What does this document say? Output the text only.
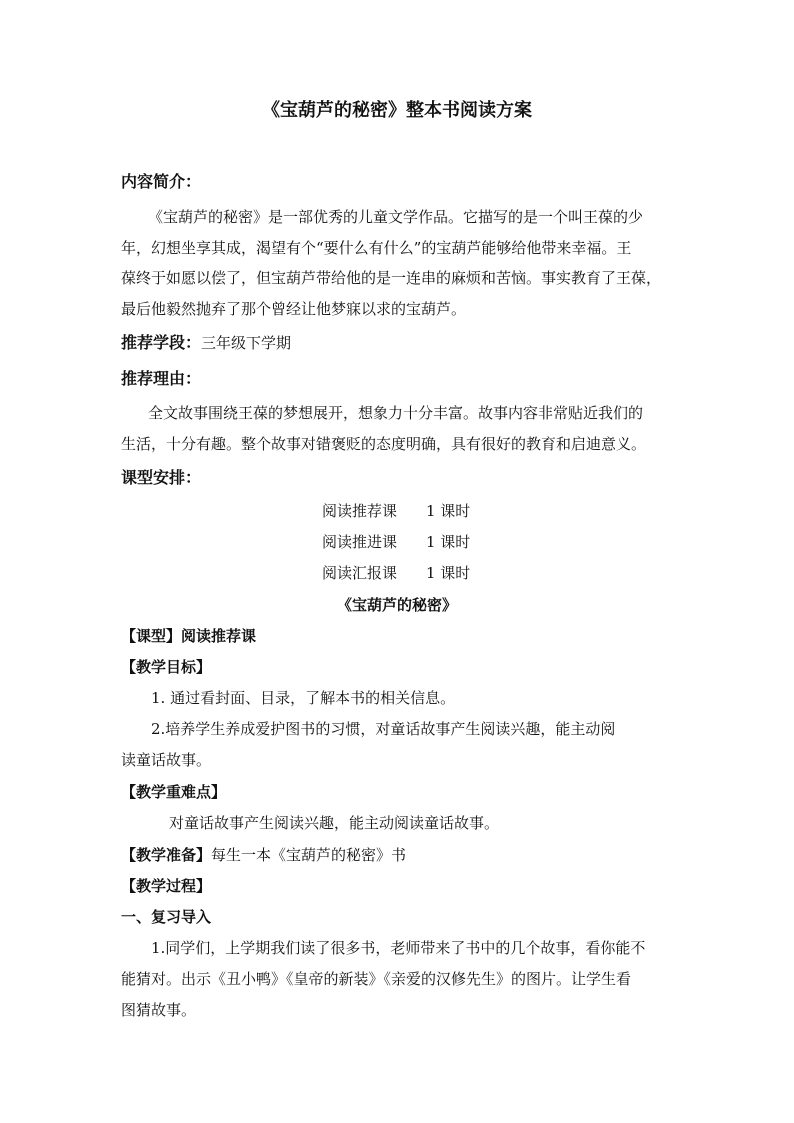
《宝葫芦的秘密》整本书阅读方案
内容简介：
《宝葫芦的秘密》是一部优秀的儿童文学作品。它描写的是一个叫王葆的少
年，幻想坐享其成，渴望有个“要什么有什么”的宝葫芦能够给他带来幸福。王
葆终于如愿以偿了，但宝葫芦带给他的是一连串的麻烦和苦恼。事实教育了王葆，
最后他毅然抛弃了那个曾经让他梦寐以求的宝葫芦。
推荐学段：三年级下学期
推荐理由：
全文故事围绕王葆的梦想展开，想象力十分丰富。故事内容非常贴近我们的
生活，十分有趣。整个故事对错褒贬的态度明确，具有很好的教育和启迪意义。
课型安排：
阅读推荐课 1 课时
阅读推进课 1 课时
阅读汇报课 1 课时
《宝葫芦的秘密》
【课型】阅读推荐课
【教学目标】
1. 通过看封面、目录，了解本书的相关信息。
2.培养学生养成爱护图书的习惯，对童话故事产生阅读兴趣，能主动阅
读童话故事。
【教学重难点】
对童话故事产生阅读兴趣，能主动阅读童话故事。
【教学准备】每生一本《宝葫芦的秘密》书
【教学过程】
一、复习导入
1.同学们，上学期我们读了很多书，老师带来了书中的几个故事，看你能不
能猜对。出示《丑小鸭》《皇帝的新装》《亲爱的汉修先生》的图片。让学生看
图猜故事。
